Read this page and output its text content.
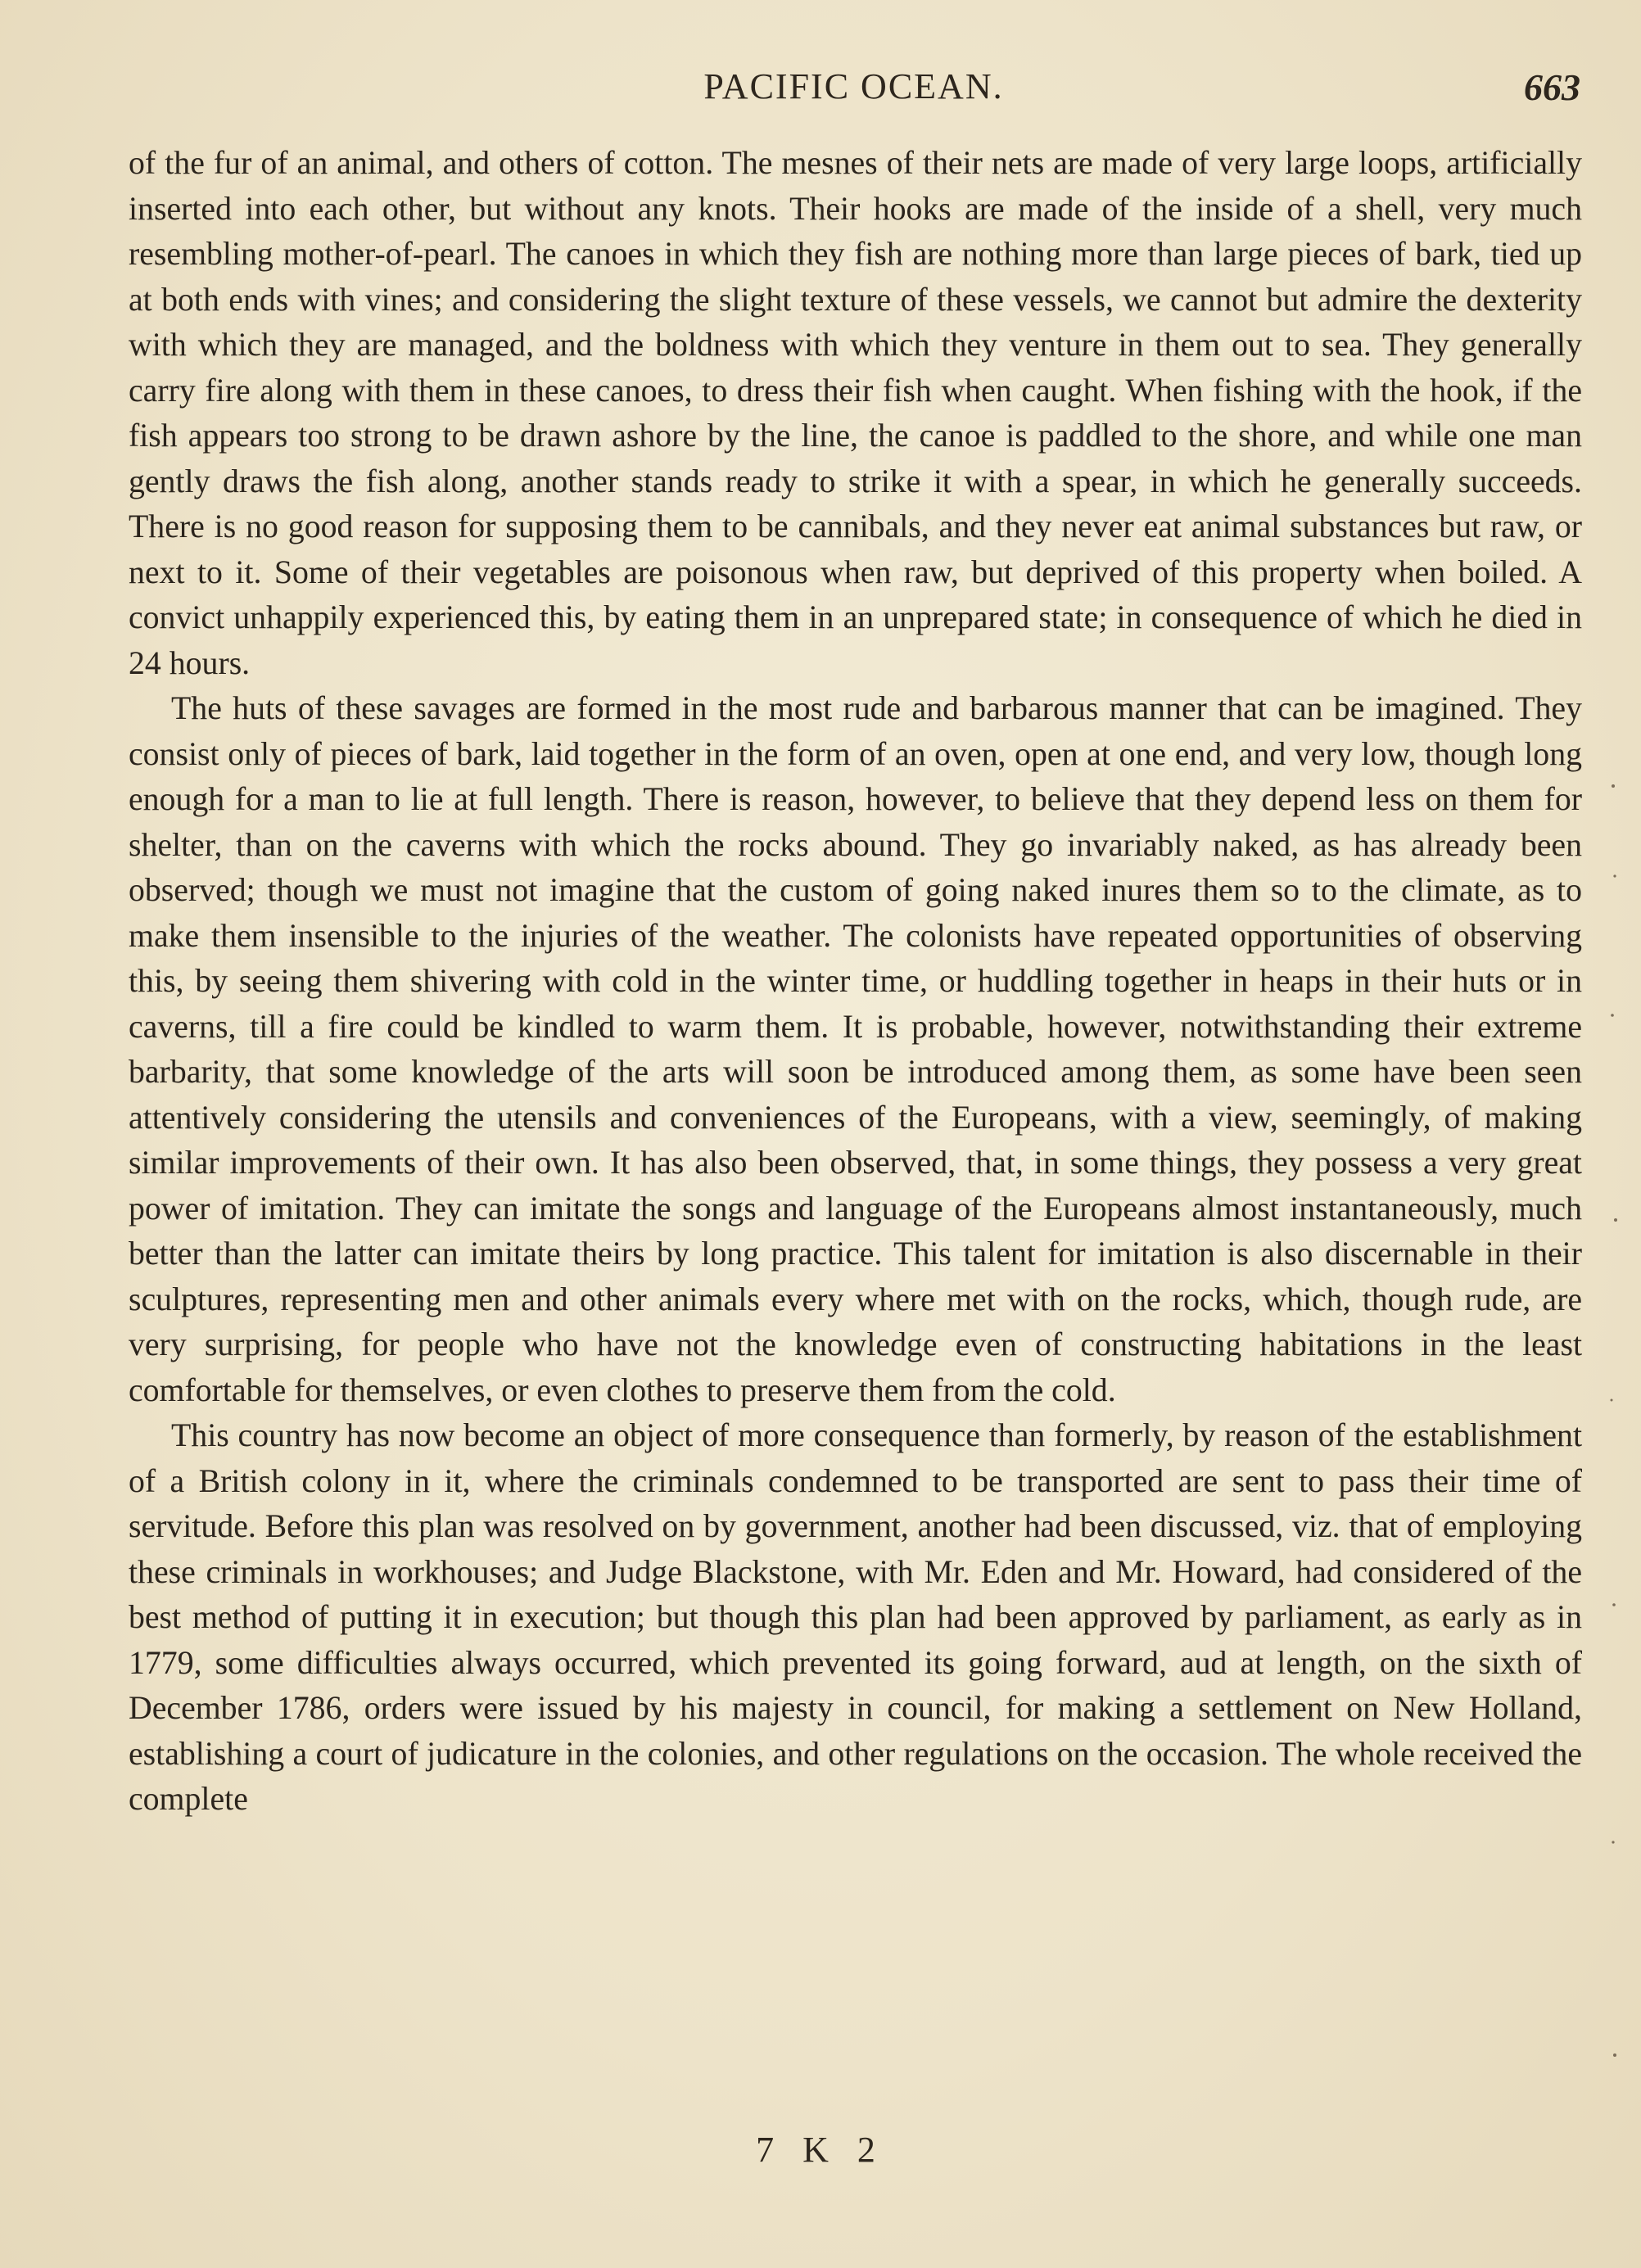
PACIFIC OCEAN.	663

of the fur of an animal, and others of cotton. The mesnes of their nets are made of very large loops, artificially inserted into each other, but without any knots. Their hooks are made of the inside of a shell, very much resembling mother-of-pearl. The canoes in which they fish are nothing more than large pieces of bark, tied up at both ends with vines; and considering the slight texture of these vessels, we cannot but admire the dexterity with which they are managed, and the boldness with which they venture in them out to sea. They generally carry fire along with them in these canoes, to dress their fish when caught. When fishing with the hook, if the fish appears too strong to be drawn ashore by the line, the canoe is paddled to the shore, and while one man gently draws the fish along, another stands ready to strike it with a spear, in which he generally succeeds. There is no good reason for supposing them to be cannibals, and they never eat animal substances but raw, or next to it. Some of their vegetables are poisonous when raw, but deprived of this property when boiled. A convict unhappily experienced this, by eating them in an unprepared state; in consequence of which he died in 24 hours.

The huts of these savages are formed in the most rude and barbarous manner that can be imagined. They consist only of pieces of bark, laid together in the form of an oven, open at one end, and very low, though long enough for a man to lie at full length. There is reason, however, to believe that they depend less on them for shelter, than on the caverns with which the rocks abound. They go invariably naked, as has already been observed; though we must not imagine that the custom of going naked inures them so to the climate, as to make them insensible to the injuries of the weather. The colonists have repeated opportunities of observing this, by seeing them shivering with cold in the winter time, or huddling together in heaps in their huts or in caverns, till a fire could be kindled to warm them. It is probable, however, notwithstanding their extreme barbarity, that some knowledge of the arts will soon be introduced among them, as some have been seen attentively considering the utensils and conveniences of the Europeans, with a view, seemingly, of making similar improvements of their own. It has also been observed, that, in some things, they possess a very great power of imitation. They can imitate the songs and language of the Europeans almost instantaneously, much better than the latter can imitate theirs by long practice. This talent for imitation is also discernable in their sculptures, representing men and other animals every where met with on the rocks, which, though rude, are very surprising, for people who have not the knowledge even of constructing habitations in the least comfortable for themselves, or even clothes to preserve them from the cold.

This country has now become an object of more consequence than formerly, by reason of the establishment of a British colony in it, where the criminals condemned to be transported are sent to pass their time of servitude. Before this plan was resolved on by government, another had been discussed, viz. that of employing these criminals in workhouses; and Judge Blackstone, with Mr. Eden and Mr. Howard, had considered of the best method of putting it in execution; but though this plan had been approved by parliament, as early as in 1779, some difficulties always occurred, which prevented its going forward, aud at length, on the sixth of December 1786, orders were issued by his majesty in council, for making a settlement on New Holland, establishing a court of judicature in the colonies, and other regulations on the occasion. The whole received the complete

7 K 2
